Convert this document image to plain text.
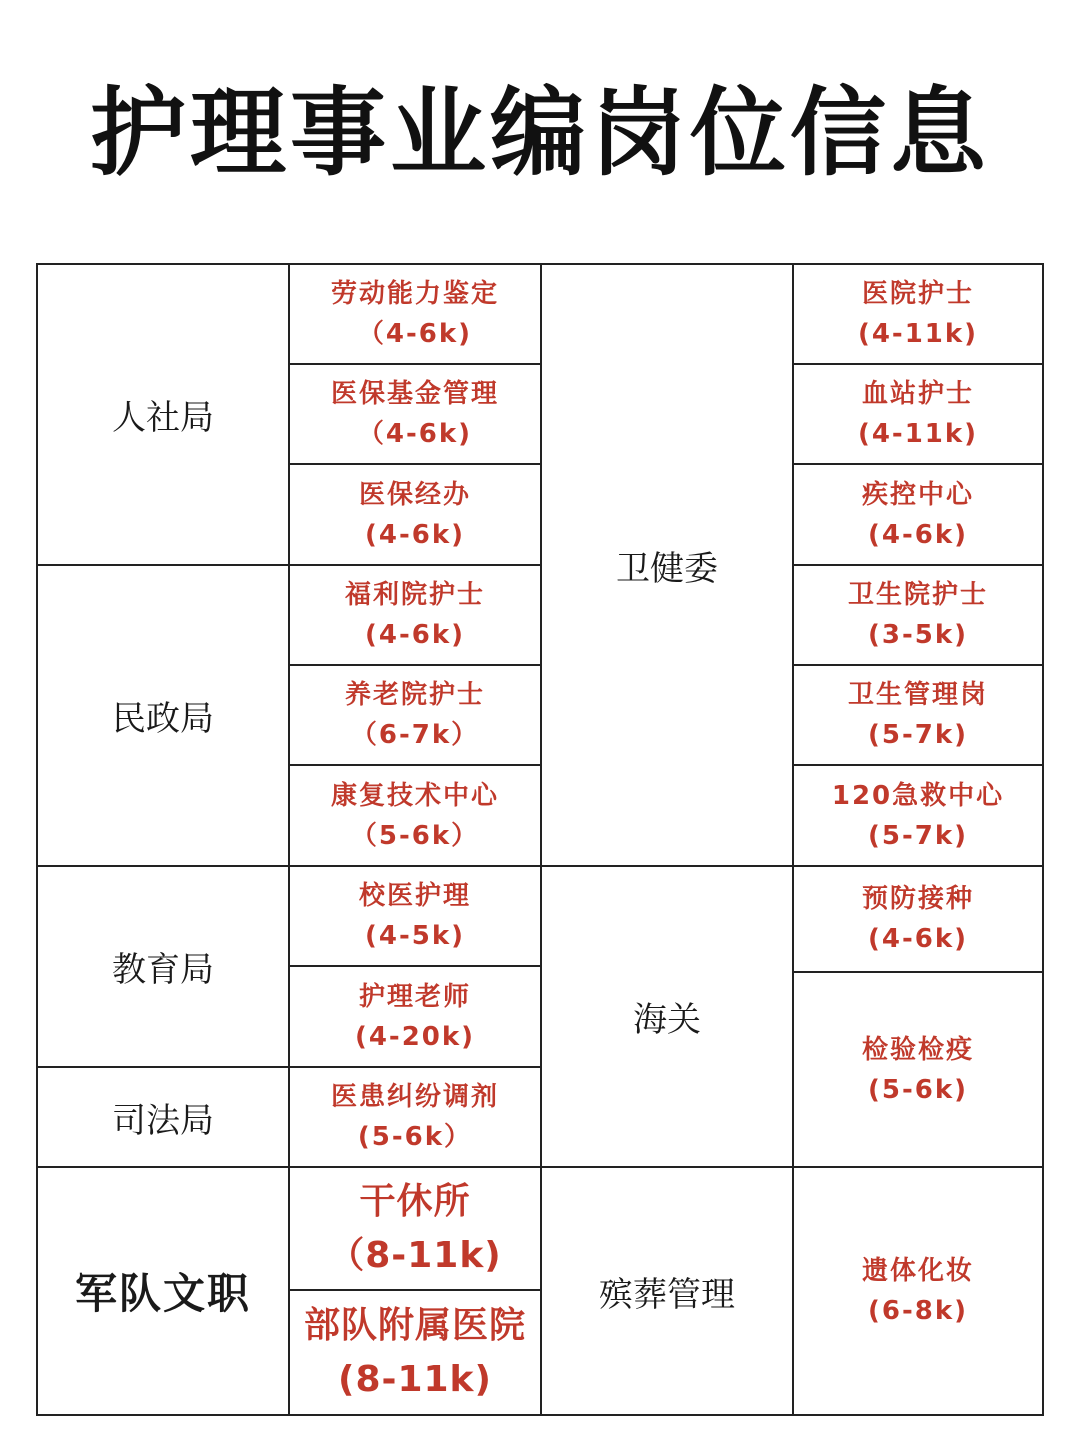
护理事业编岗位信息
人社局
民政局
教育局
司法局
军队文职
劳动能力鉴定
（4-6k)
医保基金管理
（4-6k)
医保经办
(4-6k)
福利院护士
(4-6k)
养老院护士
（6-7k）
康复技术中心
（5-6k）
校医护理
(4-5k)
护理老师
(4-20k)
医患纠纷调剂
(5-6k）
干休所
（8-11k)
部队附属医院
(8-11k)
卫健委
海关
殡葬管理
医院护士
(4-11k)
血站护士
(4-11k)
疾控中心
(4-6k)
卫生院护士
(3-5k)
卫生管理岗
(5-7k)
120急救中心
(5-7k)
预防接种
(4-6k)
检验检疫
(5-6k)
遗体化妆
(6-8k)
